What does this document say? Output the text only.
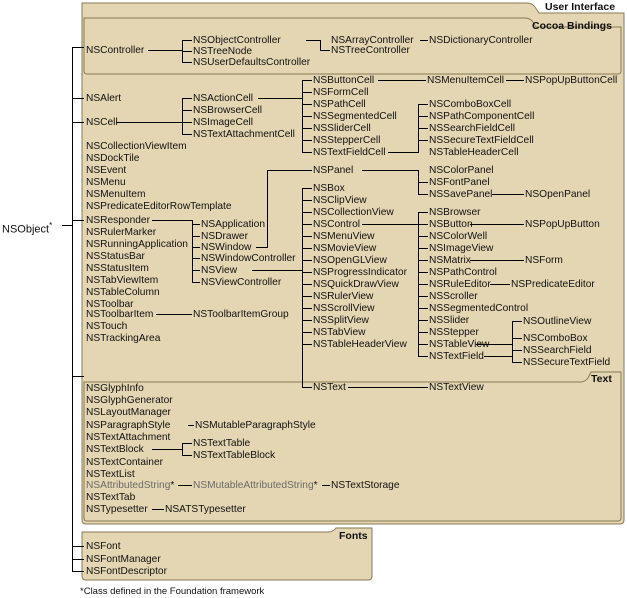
User Interface
Cocoa Bindings
Text
Fonts
NSObject*
NSController
NSObjectController	NSArrayController NSDictionaryController
NSTreeNode	NSTreeController
NSUserDefaultsController
NSAlert
NSCell
NSCollectionViewItem
NSDockTile
NSEvent
NSMenu
NSMenuItem
NSPredicateEditorRowTemplate
NSResponder
NSRulerMarker
NSRunningApplication
NSStatusBar
NSStatusItem
NSTabViewItem
NSTableColumn
NSToolbar
NSToolbarItem
NSTouch
NSTrackingArea
NSActionCell
NSBrowserCell
NSImageCell
NSTextAttachmentCell
NSButtonCell	NSMenuItemCell NSPopUpButtonCell
NSFormCell
NSPathCell
NSSegmentedCell
NSSliderCell
NSStepperCell
NSTextFieldCell
NSComboBoxCell
NSPathComponentCell
NSSearchFieldCell
NSSecureTextFieldCell
NSTableHeaderCell
NSApplication
NSDrawer
NSWindow
NSWindowController
NSView
NSViewController
NSToolbarItemGroup
NSPanel	NSColorPanel
NSFontPanel
NSSavePanel	NSOpenPanel
NSBox
NSClipView
NSCollectionView
NSControl
NSMenuView
NSMovieView
NSOpenGLView
NSProgressIndicator
NSQuickDrawView
NSRulerView
NSScrollView
NSSplitView
NSTabView
NSTableHeaderView
NSText	NSTextView
NSBrowser
NSButton	NSPopUpButton
NSColorWell
NSImageView
NSMatrix	NSForm
NSPathControl
NSRuleEditor NSPredicateEditor
NSScroller
NSSegmentedControl
NSSlider
NSStepper
NSTableView
NSOutlineView
NSTextField
NSComboBox
NSSearchField
NSSecureTextField
NSGlyphInfo
NSGlyphGenerator
NSLayoutManager
NSParagraphStyle NSMutableParagraphStyle
NSTextAttachment
NSTextBlock
NSTextTable
NSTextTableBlock
NSTextContainer
NSTextList
NSAttributedString* NSMutableAttributedString* NSTextStorage
NSTextTab
NSTypesetter NSATSTypesetter
NSFont
NSFontManager
NSFontDescriptor
*Class defined in the Foundation framework
